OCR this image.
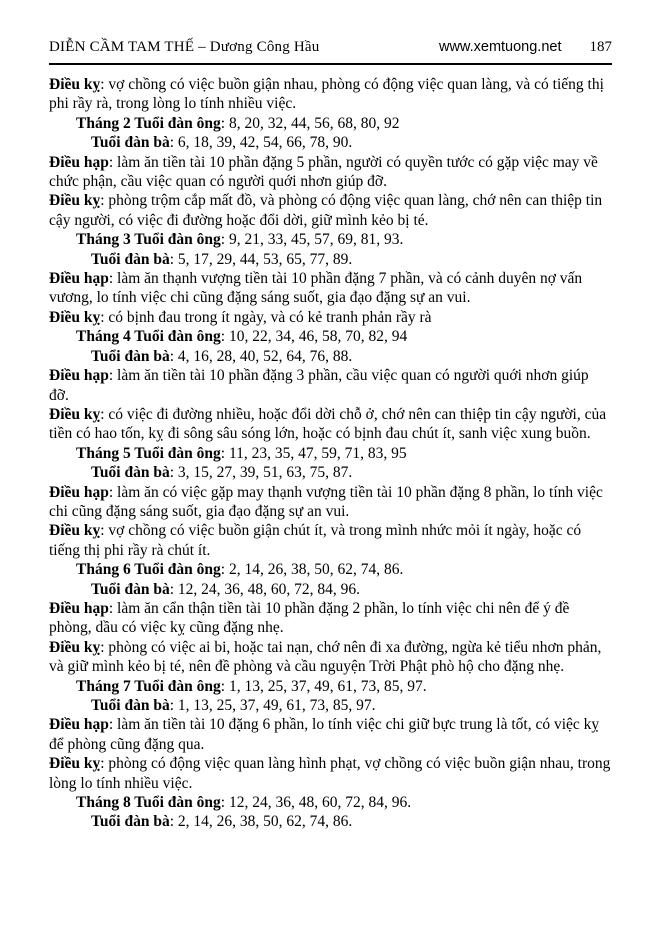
DIỄN CẦM TAM THẾ – Dương Công Hầu	www.xemtuong.net 187

Điều kỵ: vợ chồng có việc buồn giận nhau, phòng có động việc quan làng, và có tiếng thị phi rầy rà, trong lòng lo tính nhiều việc.

Tháng 2 Tuổi đàn ông: 8, 20, 32, 44, 56, 68, 80, 92

Tuổi đàn bà: 6, 18, 39, 42, 54, 66, 78, 90.

Điều hạp: làm ăn tiền tài 10 phần đặng 5 phần, người có quyền tước có gặp việc may về chức phận, cầu việc quan có người quới nhơn giúp đỡ.

Điều kỵ: phòng trộm cắp mất đồ, và phòng có động việc quan làng, chớ nên can thiệp tin cậy người, có việc đi đường hoặc đổi dời, giữ mình kẻo bị té.

Tháng 3 Tuổi đàn ông: 9, 21, 33, 45, 57, 69, 81, 93.

Tuổi đàn bà: 5, 17, 29, 44, 53, 65, 77, 89.

Điều hạp: làm ăn thạnh vượng tiền tài 10 phần đặng 7 phần, và có cảnh duyên nợ vấn vương, lo tính việc chi cũng đặng sáng suốt, gia đạo đặng sự an vui.

Điều kỵ: có bịnh đau trong ít ngày, và có kẻ tranh phản rầy rà

Tháng 4 Tuổi đàn ông: 10, 22, 34, 46, 58, 70, 82, 94

Tuổi đàn bà: 4, 16, 28, 40, 52, 64, 76, 88.

Điều hạp: làm ăn tiền tài 10 phần đặng 3 phần, cầu việc quan có người quới nhơn giúp đỡ.

Điều kỵ: có việc đi đường nhiều, hoặc đổi dời chỗ ở, chớ nên can thiệp tin cậy người, của tiền có hao tốn, kỵ đi sông sâu sóng lớn, hoặc có bịnh đau chút ít, sanh việc xung buồn.

Tháng 5 Tuổi đàn ông: 11, 23, 35, 47, 59, 71, 83, 95

Tuổi đàn bà: 3, 15, 27, 39, 51, 63, 75, 87.

Điều hạp: làm ăn có việc gặp may thạnh vượng tiền tài 10 phần đặng 8 phần, lo tính việc chi cũng đặng sáng suốt, gia đạo đặng sự an vui.

Điều kỵ: vợ chồng có việc buồn giận chút ít, và trong mình nhức mỏi ít ngày, hoặc có tiếng thị phi rầy rà chút ít.

Tháng 6 Tuổi đàn ông: 2, 14, 26, 38, 50, 62, 74, 86.

Tuổi đàn bà: 12, 24, 36, 48, 60, 72, 84, 96.

Điều hạp: làm ăn cẩn thận tiền tài 10 phần đặng 2 phần, lo tính việc chi nên để ý đề phòng, dầu có việc kỵ cũng đặng nhẹ.

Điều kỵ: phòng có việc ai bi, hoặc tai nạn, chớ nên đi xa đường, ngừa kẻ tiểu nhơn phản, và giữ mình kẻo bị té, nên đề phòng và cầu nguyện Trời Phật phò hộ cho đặng nhẹ.

Tháng 7 Tuổi đàn ông: 1, 13, 25, 37, 49, 61, 73, 85, 97.

Tuổi đàn bà: 1, 13, 25, 37, 49, 61, 73, 85, 97.

Điều hạp: làm ăn tiền tài 10 đặng 6 phần, lo tính việc chi giữ bực trung là tốt, có việc kỵ để phòng cũng đặng qua.

Điều kỵ: phòng có động việc quan làng hình phạt, vợ chồng có việc buồn giận nhau, trong lòng lo tính nhiều việc.

Tháng 8 Tuổi đàn ông: 12, 24, 36, 48, 60, 72, 84, 96.

Tuổi đàn bà: 2, 14, 26, 38, 50, 62, 74, 86.
